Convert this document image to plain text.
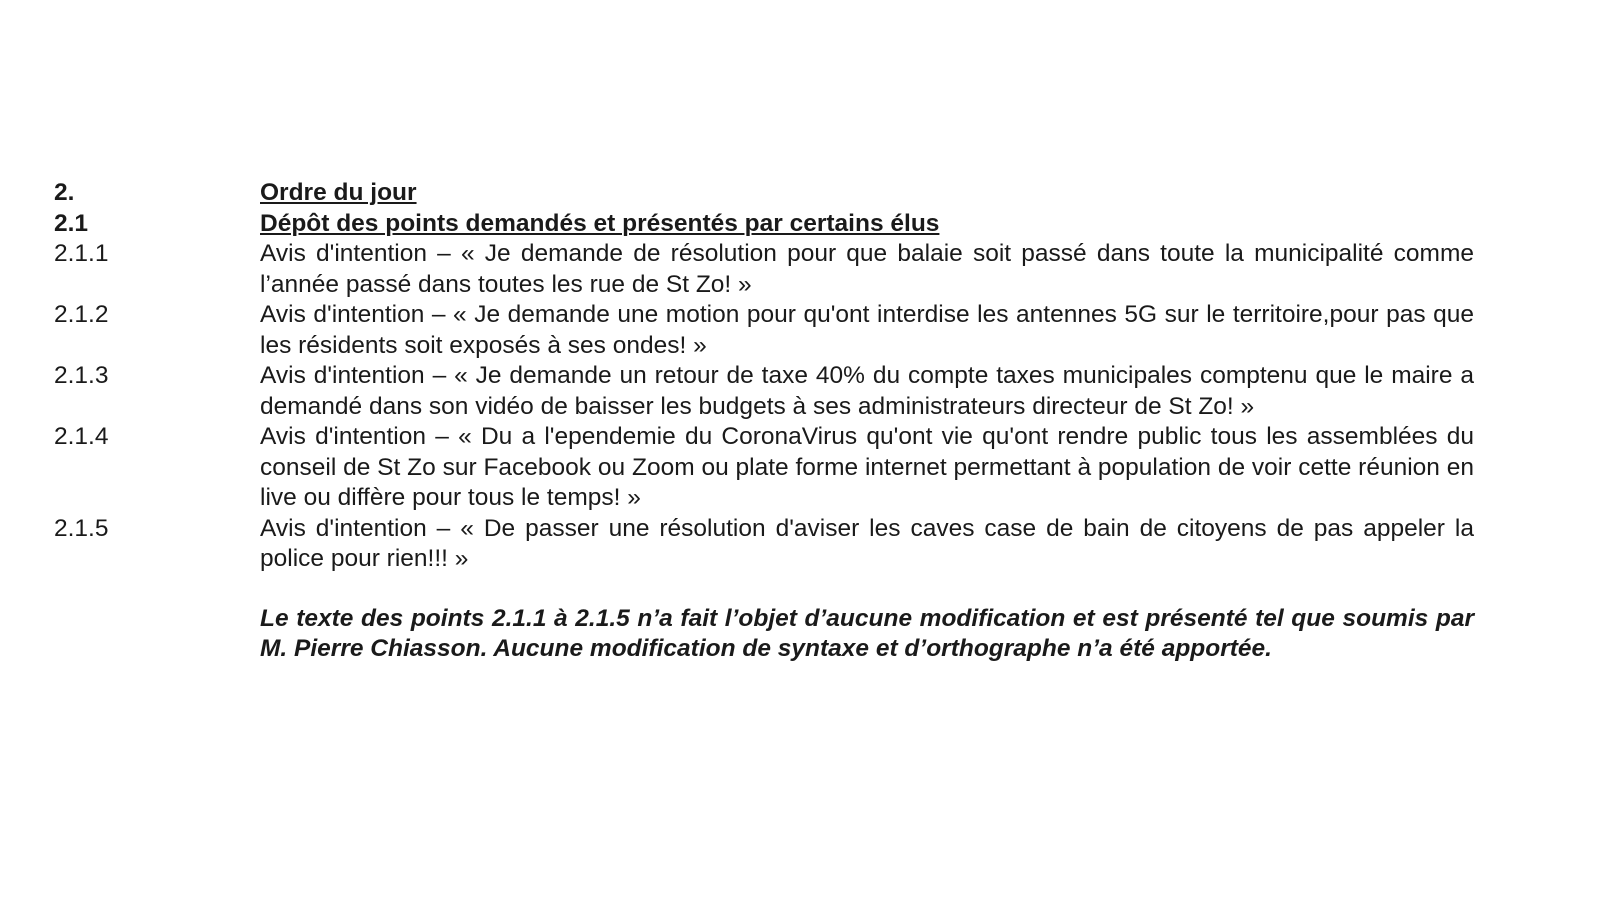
2.	Ordre du jour
2.1	Dépôt des points demandés et présentés par certains élus
2.1.1	Avis d'intention – « Je demande de résolution pour que balaie soit passé dans toute la municipalité comme l’année passé dans toutes les rue de St Zo! »
2.1.2	Avis d'intention – « Je demande une motion pour qu'ont interdise les antennes 5G sur le territoire,pour pas que les résidents soit exposés à ses ondes! »
2.1.3	Avis d'intention – « Je demande un retour de taxe 40% du compte taxes municipales comptenu que le maire a demandé dans son vidéo de baisser les budgets à ses administrateurs directeur de St Zo! »
2.1.4	Avis d'intention – « Du a l'ependemie du CoronaVirus qu'ont vie qu'ont rendre public tous les assemblées du conseil de St Zo sur Facebook ou Zoom ou plate forme internet permettant à population de voir cette réunion en live ou diffère pour tous le temps! »
2.1.5	Avis d'intention – « De passer une résolution d'aviser les caves case de bain de citoyens de pas appeler la police pour rien!!! »
Le texte des points 2.1.1 à 2.1.5 n’a fait l’objet d’aucune modification et est présenté tel que soumis par M. Pierre Chiasson. Aucune modification de syntaxe et d’orthographe n’a été apportée.
